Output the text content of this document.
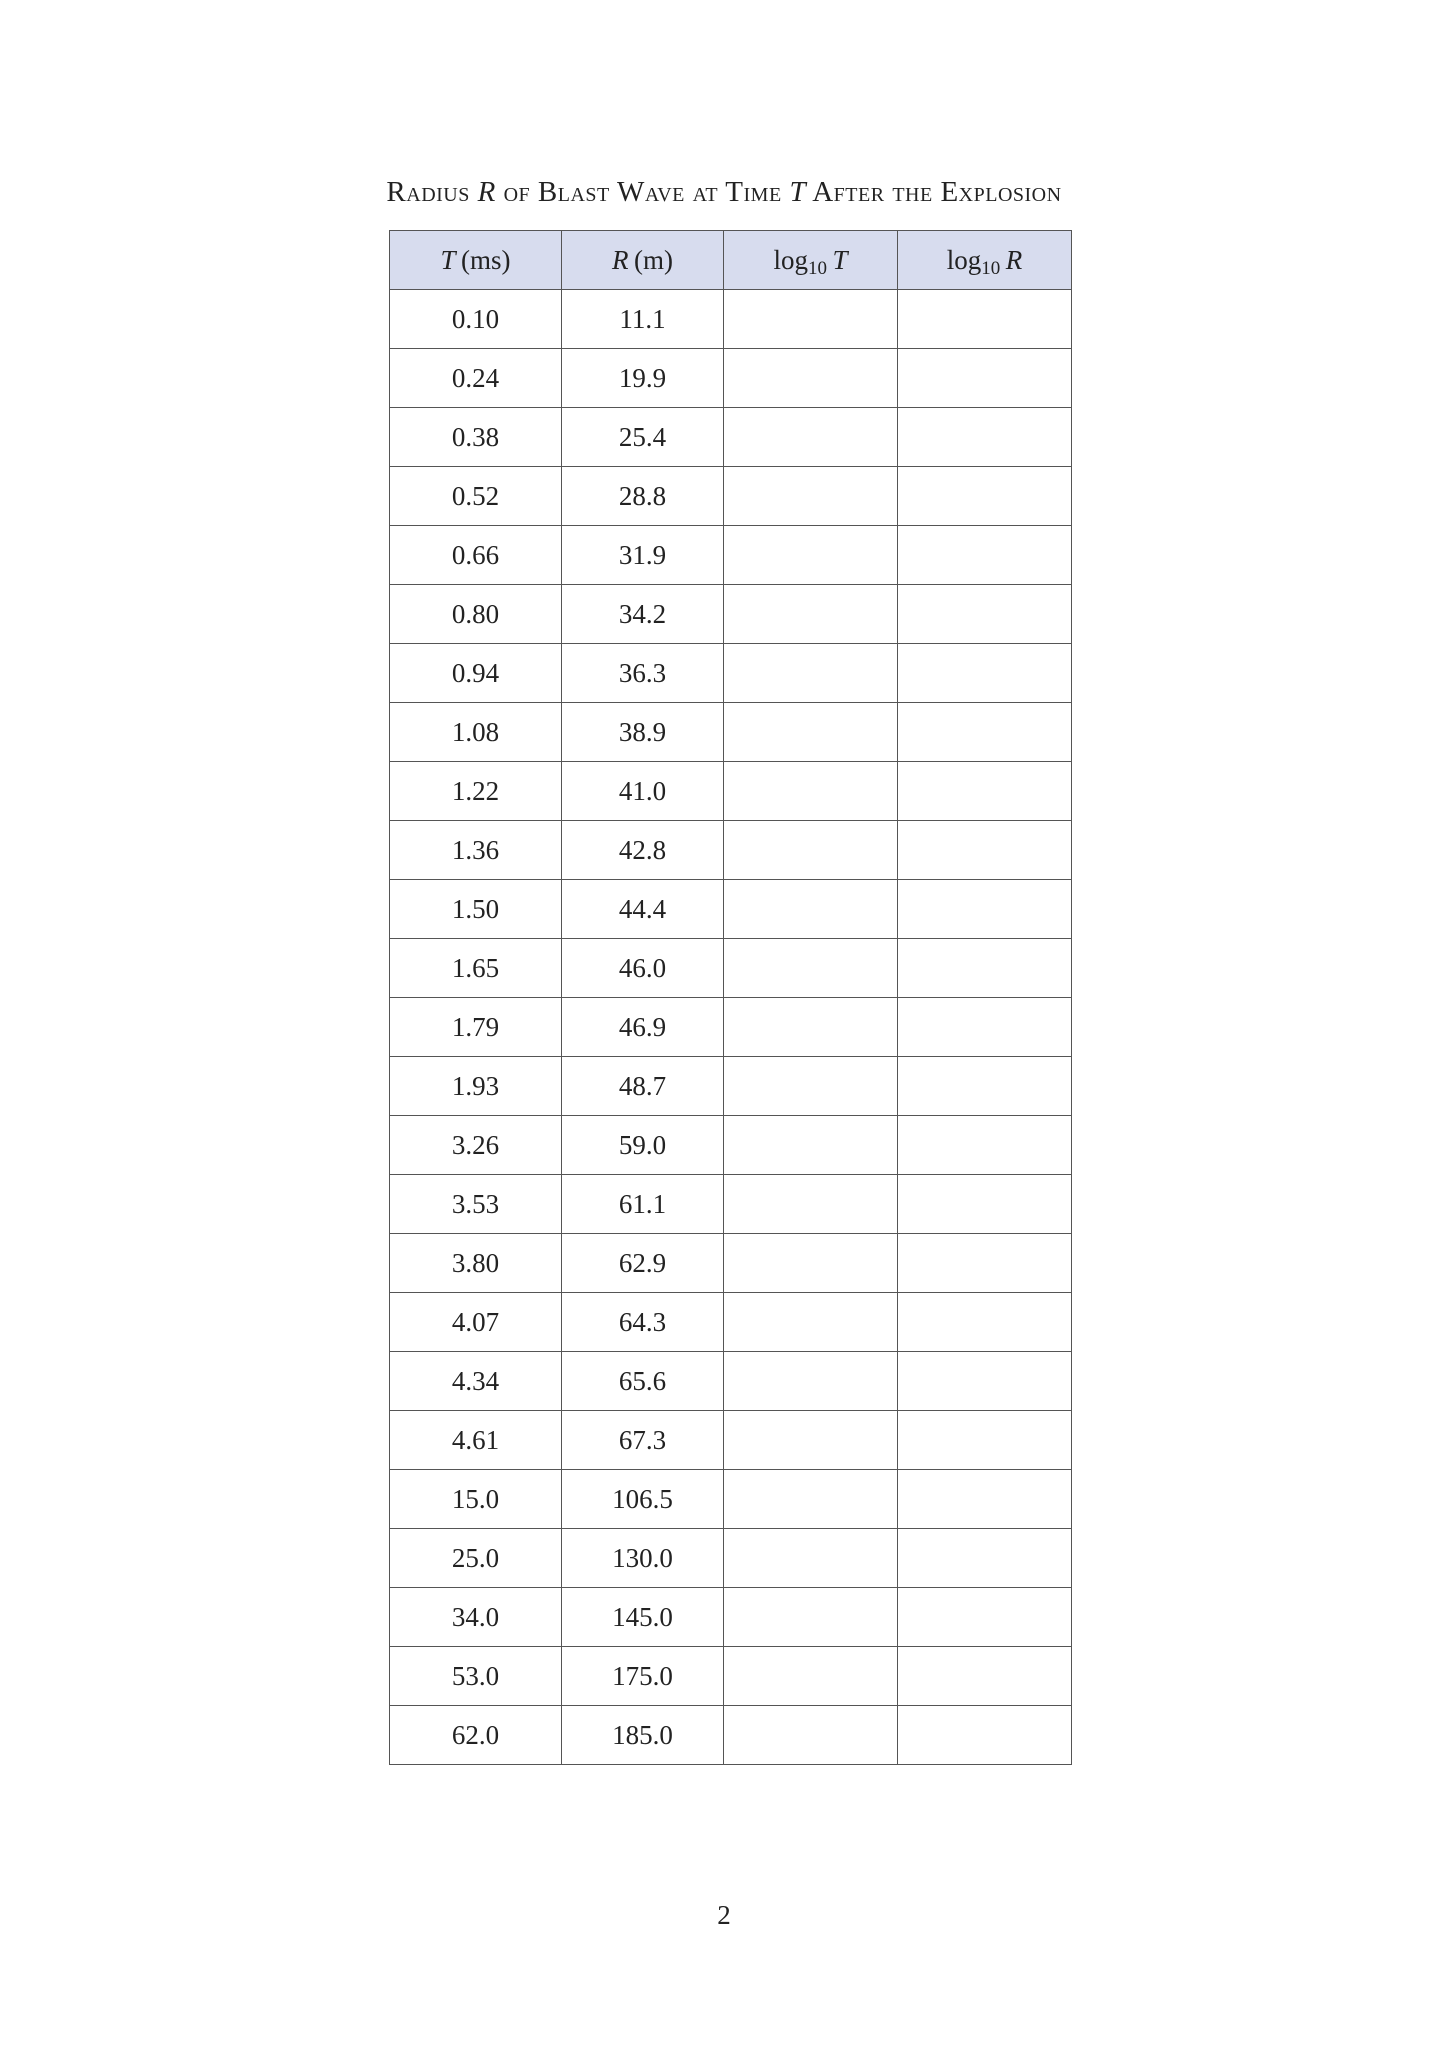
Radius R of Blast Wave at Time T After the Explosion
T  (ms)	R  (m)	log10  T	log10  R
0.10	11.1		
0.24	19.9		
0.38	25.4		
0.52	28.8		
0.66	31.9		
0.80	34.2		
0.94	36.3		
1.08	38.9		
1.22	41.0		
1.36	42.8		
1.50	44.4		
1.65	46.0		
1.79	46.9		
1.93	48.7		
3.26	59.0		
3.53	61.1		
3.80	62.9		
4.07	64.3		
4.34	65.6		
4.61	67.3		
15.0	106.5		
25.0	130.0		
34.0	145.0		
53.0	175.0		
62.0	185.0		
2
